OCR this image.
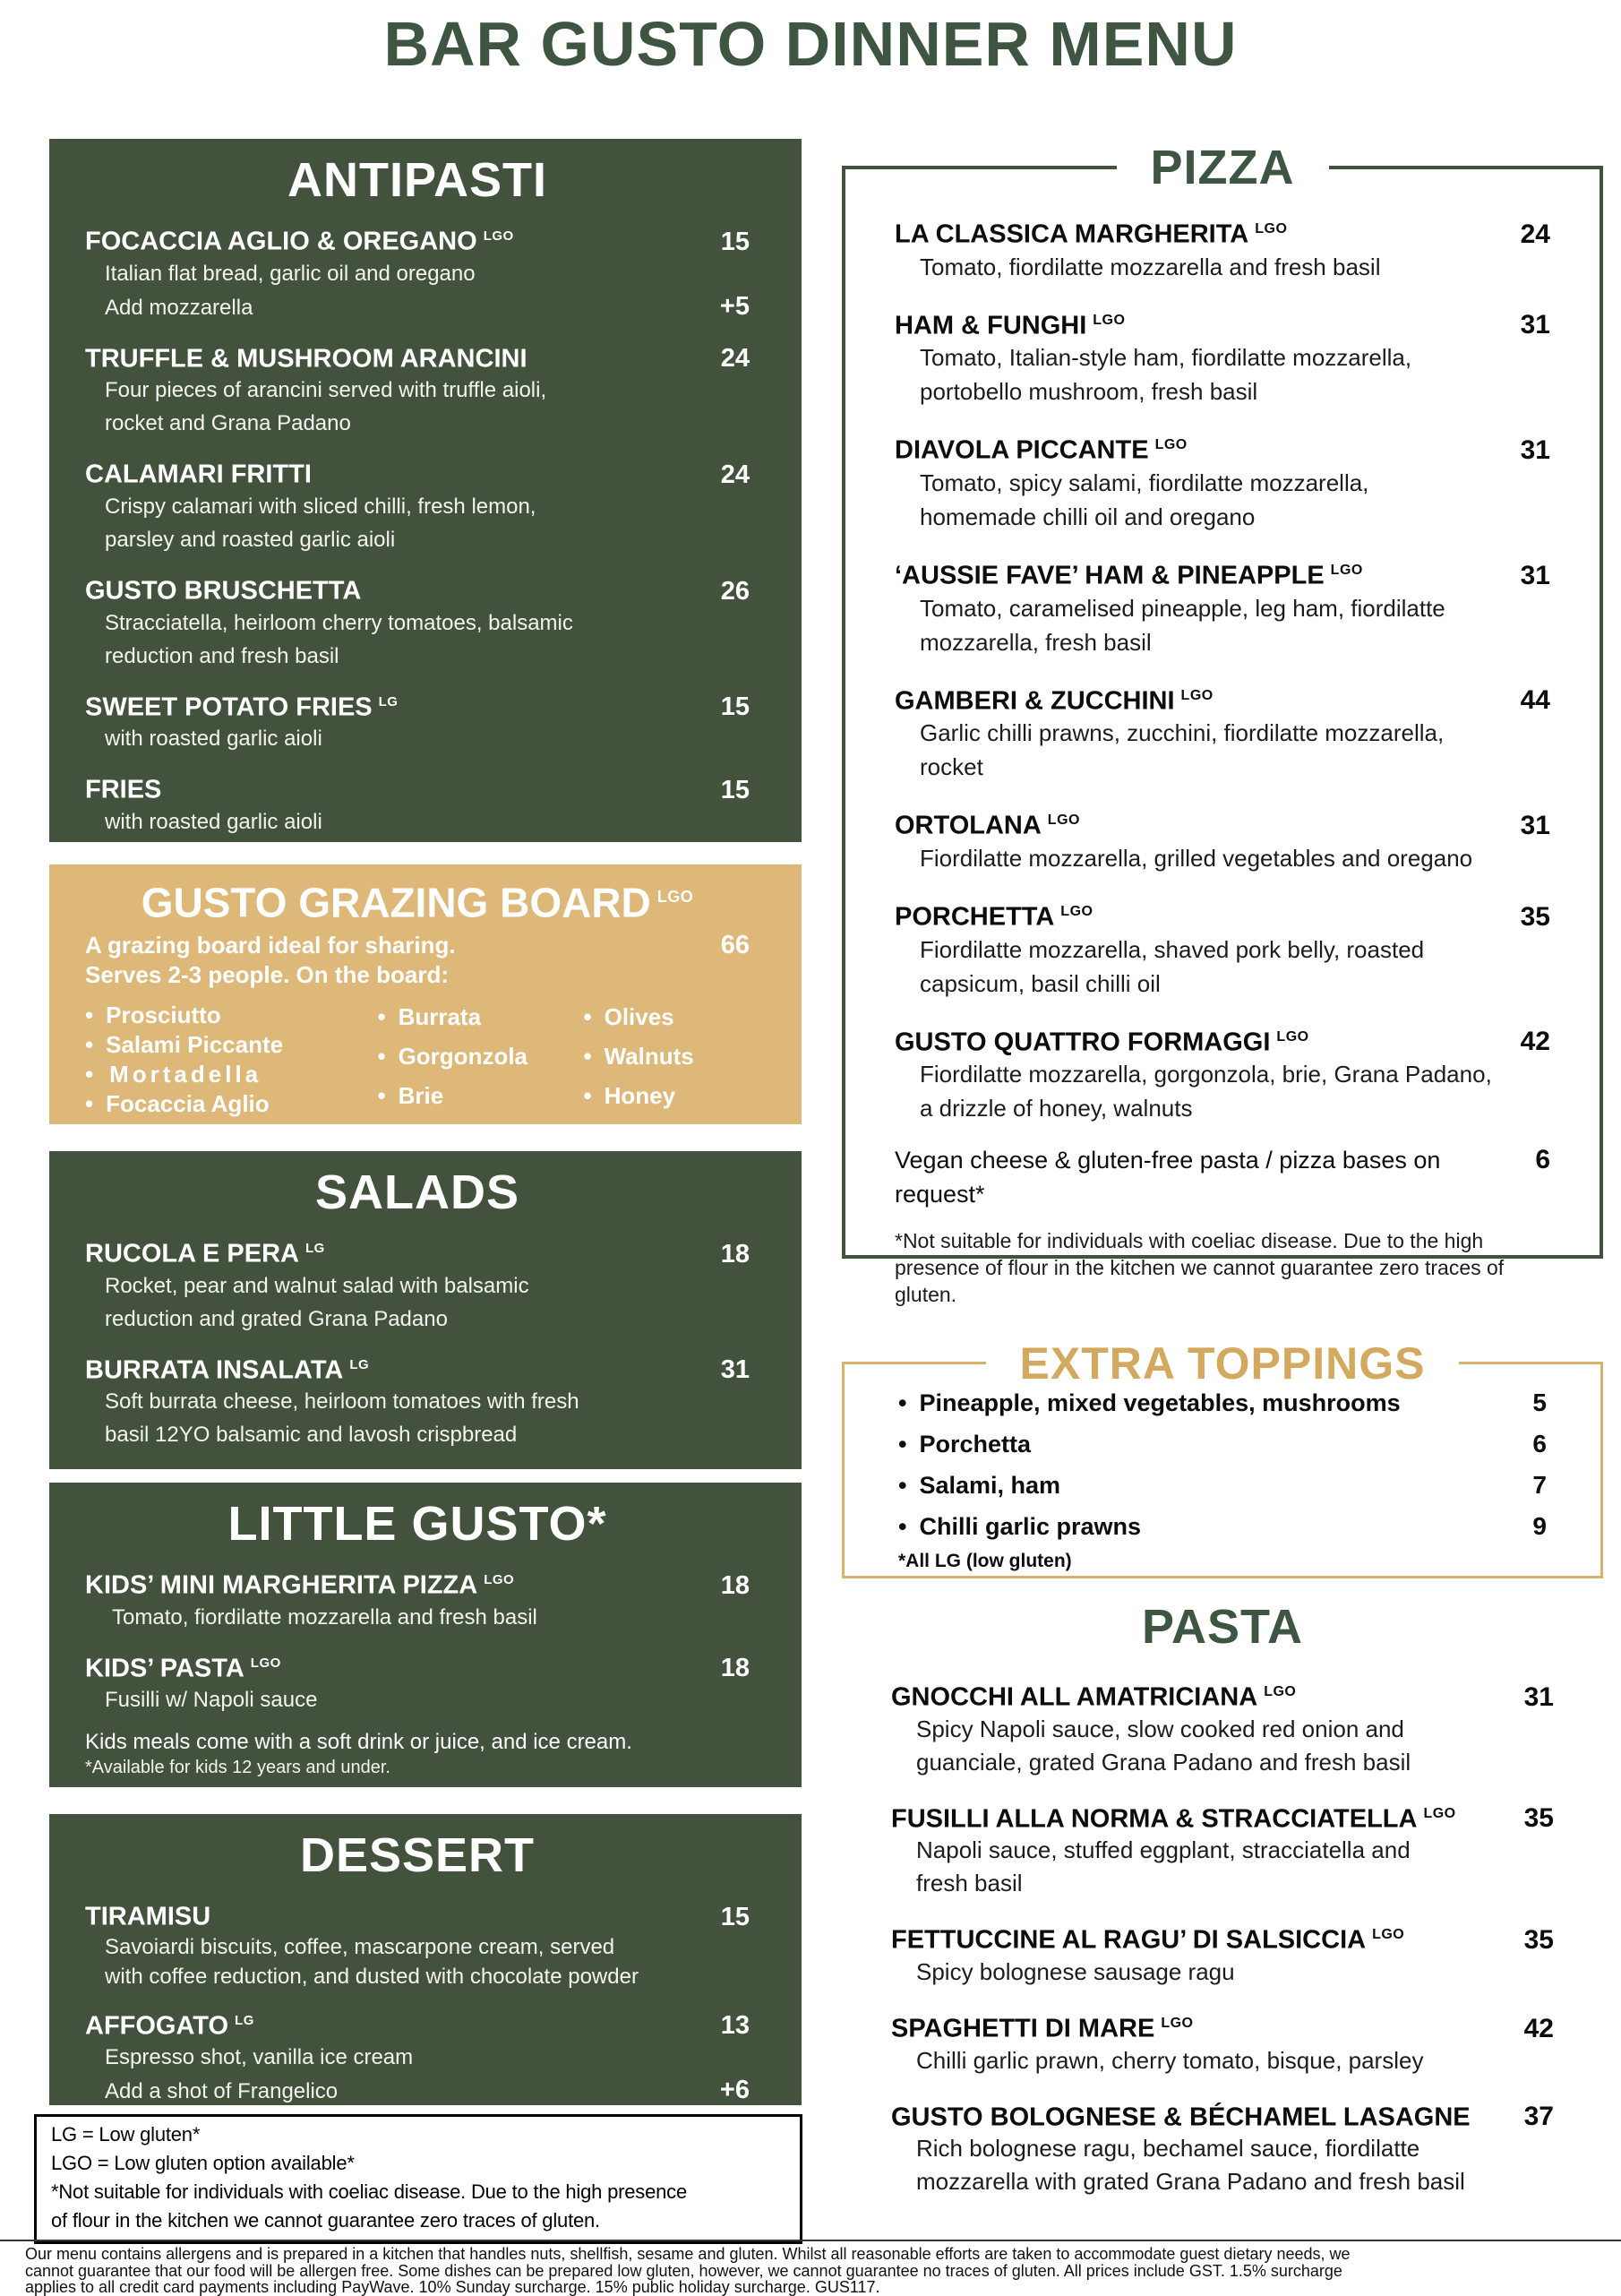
BAR GUSTO DINNER MENU
ANTIPASTI
FOCACCIA AGLIO & OREGANO $^{LGO}$	15
Italian flat bread, garlic oil and oregano
Add mozzarella	+5
TRUFFLE & MUSHROOM ARANCINI	24
Four pieces of arancini served with truffle aioli,
rocket and Grana Padano
CALAMARI FRITTI	24
Crispy calamari with sliced chilli, fresh lemon,
parsley and roasted garlic aioli
GUSTO BRUSCHETTA	26
Stracciatella, heirloom cherry tomatoes, balsamic
reduction and fresh basil
SWEET POTATO FRIES $^{LG}$	15
with roasted garlic aioli
FRIES	15
with roasted garlic aioli
GUSTO GRAZING BOARD $^{LGO}$
A grazing board ideal for sharing.
Serves 2-3 people. On the board:
66
• Prosciutto
• Salami Piccante
• Mortadella
• Focaccia Aglio
• Burrata
• Gorgonzola
• Brie
• Olives
• Walnuts
• Honey
SALADS
RUCOLA E PERA $^{LG}$	18
Rocket, pear and walnut salad with balsamic
reduction and grated Grana Padano
BURRATA INSALATA $^{LG}$	31
Soft burrata cheese, heirloom tomatoes with fresh
basil 12YO balsamic and lavosh crispbread
LITTLE GUSTO*
KIDS’ MINI MARGHERITA PIZZA $^{LGO}$	18
Tomato, fiordilatte mozzarella and fresh basil
KIDS’ PASTA $^{LGO}$	18
Fusilli w/ Napoli sauce
Kids meals come with a soft drink or juice, and ice cream.
*Available for kids 12 years and under.
DESSERT
TIRAMISU	15
Savoiardi biscuits, coffee, mascarpone cream, served
with coffee reduction, and dusted with chocolate powder
AFFOGATO $^{LG}$	13
Espresso shot, vanilla ice cream
Add a shot of Frangelico	+6
LG = Low gluten*
LGO = Low gluten option available*
*Not suitable for individuals with coeliac disease. Due to the high presence
of flour in the kitchen we cannot guarantee zero traces of gluten.
PIZZA
LA CLASSICA MARGHERITA $^{LGO}$	24
Tomato, fiordilatte mozzarella and fresh basil
HAM & FUNGHI $^{LGO}$	31
Tomato, Italian-style ham, fiordilatte mozzarella,
portobello mushroom, fresh basil
DIAVOLA PICCANTE $^{LGO}$	31
Tomato, spicy salami, fiordilatte mozzarella,
homemade chilli oil and oregano
‘AUSSIE FAVE’ HAM & PINEAPPLE $^{LGO}$	31
Tomato, caramelised pineapple, leg ham, fiordilatte
mozzarella, fresh basil
GAMBERI & ZUCCHINI $^{LGO}$	44
Garlic chilli prawns, zucchini, fiordilatte mozzarella,
rocket
ORTOLANA $^{LGO}$	31
Fiordilatte mozzarella, grilled vegetables and oregano
PORCHETTA $^{LGO}$	35
Fiordilatte mozzarella, shaved pork belly, roasted
capsicum, basil chilli oil
GUSTO QUATTRO FORMAGGI $^{LGO}$	42
Fiordilatte mozzarella, gorgonzola, brie, Grana Padano,
a drizzle of honey, walnuts
Vegan cheese & gluten-free pasta / pizza bases on request*
6
*Not suitable for individuals with coeliac disease. Due to the high
presence of flour in the kitchen we cannot guarantee zero traces of gluten.
EXTRA TOPPINGS
• Pineapple, mixed vegetables, mushrooms	5
• Porchetta	6
• Salami, ham	7
• Chilli garlic prawns	9
*All LG (low gluten)
PASTA
GNOCCHI ALL AMATRICIANA $^{LGO}$	31
Spicy Napoli sauce, slow cooked red onion and
guanciale, grated Grana Padano and fresh basil
FUSILLI ALLA NORMA & STRACCIATELLA $^{LGO}$	35
Napoli sauce, stuffed eggplant, stracciatella and
fresh basil
FETTUCCINE AL RAGU’ DI SALSICCIA $^{LGO}$	35
Spicy bolognese sausage ragu
SPAGHETTI DI MARE $^{LGO}$	42
Chilli garlic prawn, cherry tomato, bisque, parsley
GUSTO BOLOGNESE & BÉCHAMEL LASAGNE 37
Rich bolognese ragu, bechamel sauce, fiordilatte
mozzarella with grated Grana Padano and fresh basil
Our menu contains allergens and is prepared in a kitchen that handles nuts, shellfish, sesame and gluten. Whilst all reasonable efforts are taken to accommodate guest dietary needs, we
cannot guarantee that our food will be allergen free. Some dishes can be prepared low gluten, however, we cannot guarantee no traces of gluten. All prices include GST. 1.5% surcharge
applies to all credit card payments including PayWave. 10% Sunday surcharge. 15% public holiday surcharge. GUS117.
